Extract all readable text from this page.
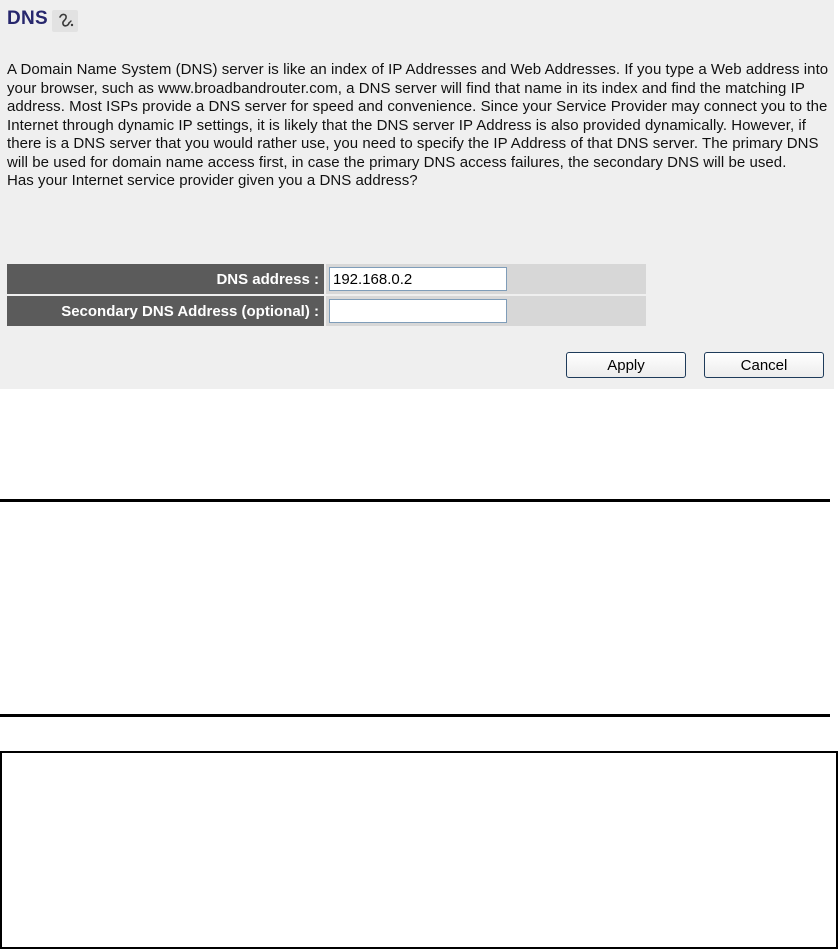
DNS

A Domain Name System (DNS) server is like an index of IP Addresses and Web Addresses. If you type a Web address into your browser, such as www.broadbandrouter.com, a DNS server will find that name in its index and find the matching IP address. Most ISPs provide a DNS server for speed and convenience. Since your Service Provider may connect you to the Internet through dynamic IP settings, it is likely that the DNS server IP Address is also provided dynamically. However, if there is a DNS server that you would rather use, you need to specify the IP Address of that DNS server. The primary DNS will be used for domain name access first, in case the primary DNS access failures, the secondary DNS will be used.

Has your Internet service provider given you a DNS address?

DNS address :
192.168.0.2
Secondary DNS Address (optional) :
Apply	Cancel
